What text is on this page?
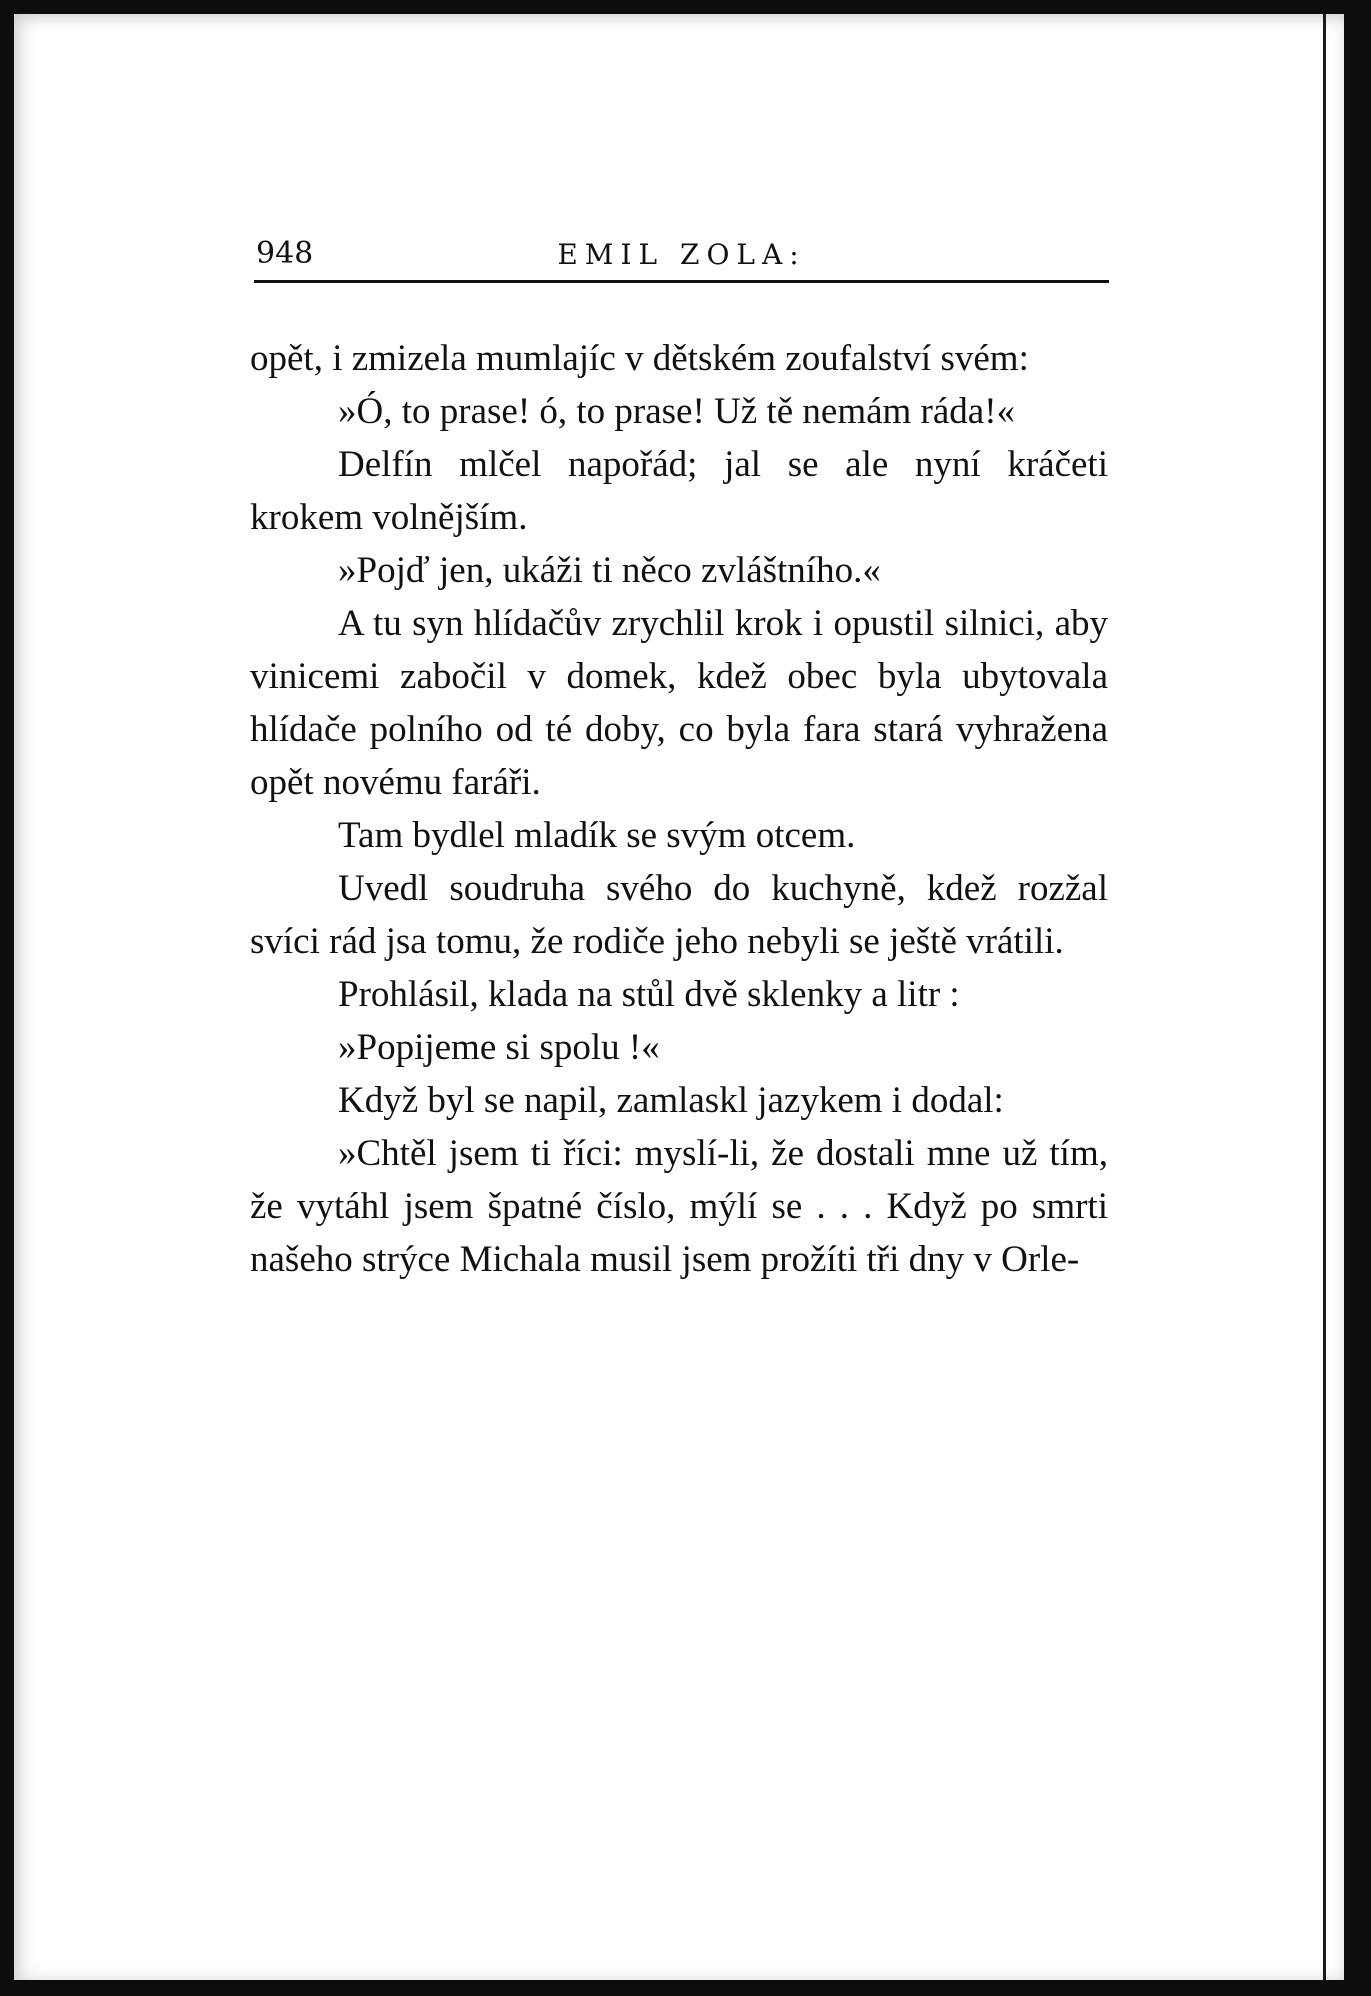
948	EMIL ZOLA:

opět, i zmizela mumlajíc v dětském zoufalství svém:

»Ó, to prase! ó, to prase! Už tě nemám ráda!«

Delfín mlčel napořád; jal se ale nyní kráčeti krokem volnějším.

»Pojď jen, ukáži ti něco zvláštního.«

A tu syn hlídačův zrychlil krok i opustil silnici, aby vinicemi zabočil v domek, kdež obec byla ubytovala hlídače polního od té doby, co byla fara stará vyhražena opět novému faráři.

Tam bydlel mladík se svým otcem.

Uvedl soudruha svého do kuchyně, kdež rozžal svíci rád jsa tomu, že rodiče jeho nebyli se ještě vrátili.

Prohlásil, klada na stůl dvě sklenky a litr :

»Popijeme si spolu !«

Když byl se napil, zamlaskl jazykem i dodal:

»Chtěl jsem ti říci: myslí-li, že dostali mne už tím, že vytáhl jsem špatné číslo, mýlí se . . . Když po smrti našeho strýce Michala musil jsem prožíti tři dny v Orle-
